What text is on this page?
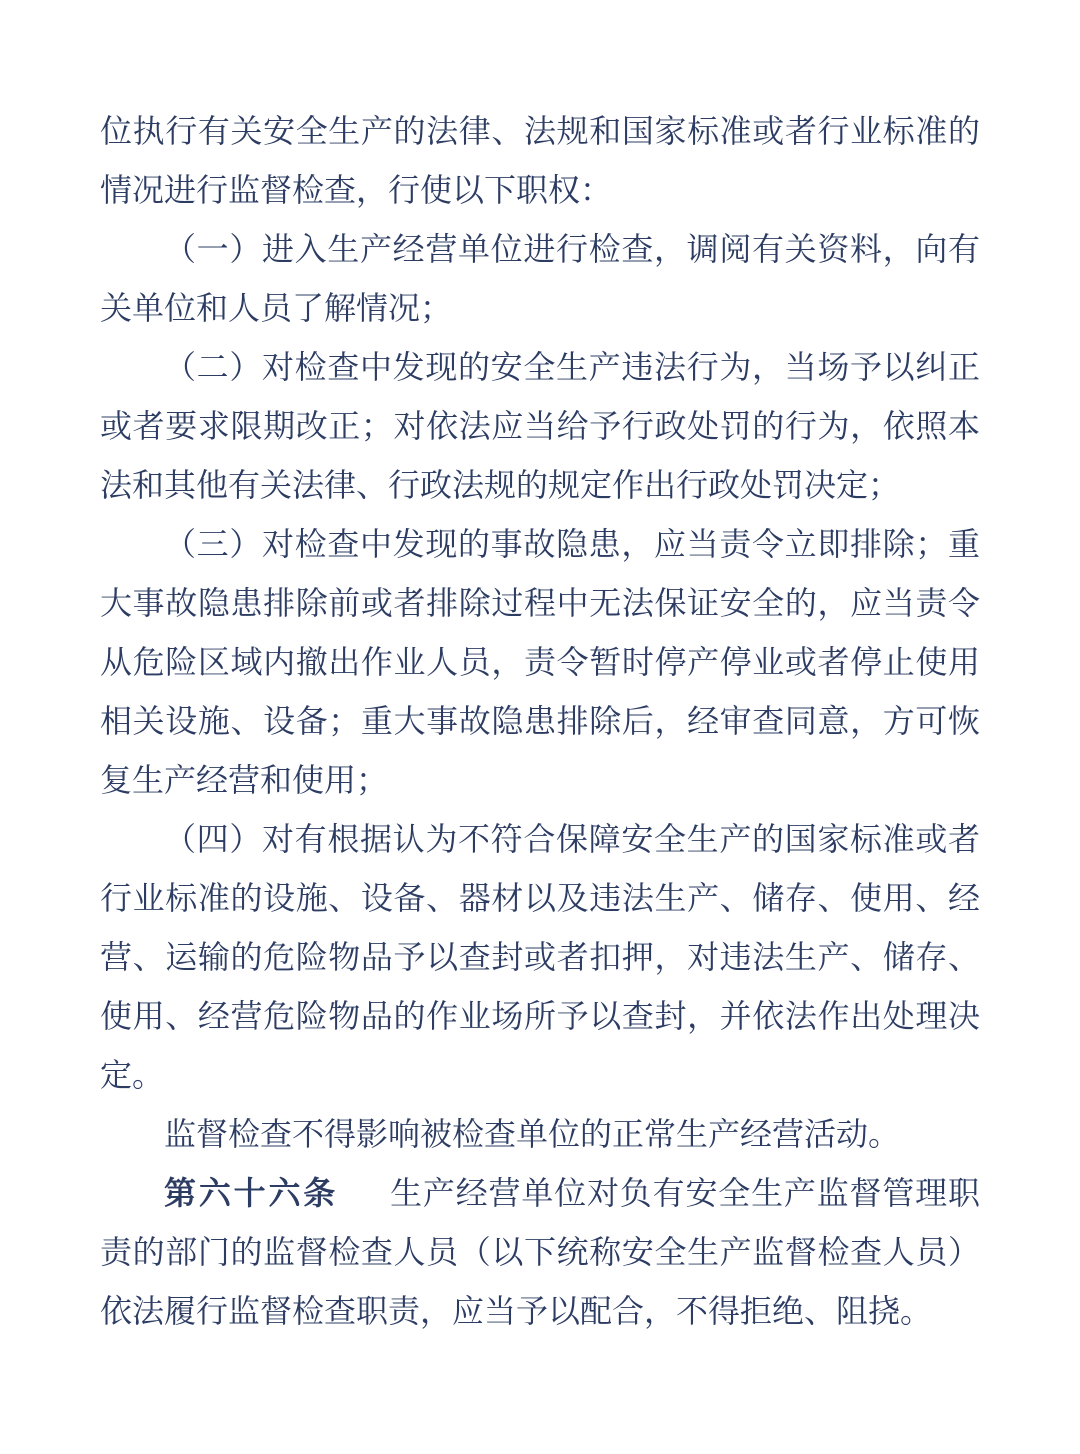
位执行有关安全生产的法律、法规和国家标准或者行业标准的情况进行监督检查，行使以下职权：

（一）进入生产经营单位进行检查，调阅有关资料，向有关单位和人员了解情况；

（二）对检查中发现的安全生产违法行为，当场予以纠正或者要求限期改正；对依法应当给予行政处罚的行为，依照本法和其他有关法律、行政法规的规定作出行政处罚决定；

（三）对检查中发现的事故隐患，应当责令立即排除；重大事故隐患排除前或者排除过程中无法保证安全的，应当责令从危险区域内撤出作业人员，责令暂时停产停业或者停止使用相关设施、设备；重大事故隐患排除后，经审查同意，方可恢复生产经营和使用；

（四）对有根据认为不符合保障安全生产的国家标准或者行业标准的设施、设备、器材以及违法生产、储存、使用、经营、运输的危险物品予以查封或者扣押，对违法生产、储存、使用、经营危险物品的作业场所予以查封，并依法作出处理决定。

监督检查不得影响被检查单位的正常生产经营活动。

第六十六条 生产经营单位对负有安全生产监督管理职责的部门的监督检查人员（以下统称安全生产监督检查人员）依法履行监督检查职责，应当予以配合，不得拒绝、阻挠。
